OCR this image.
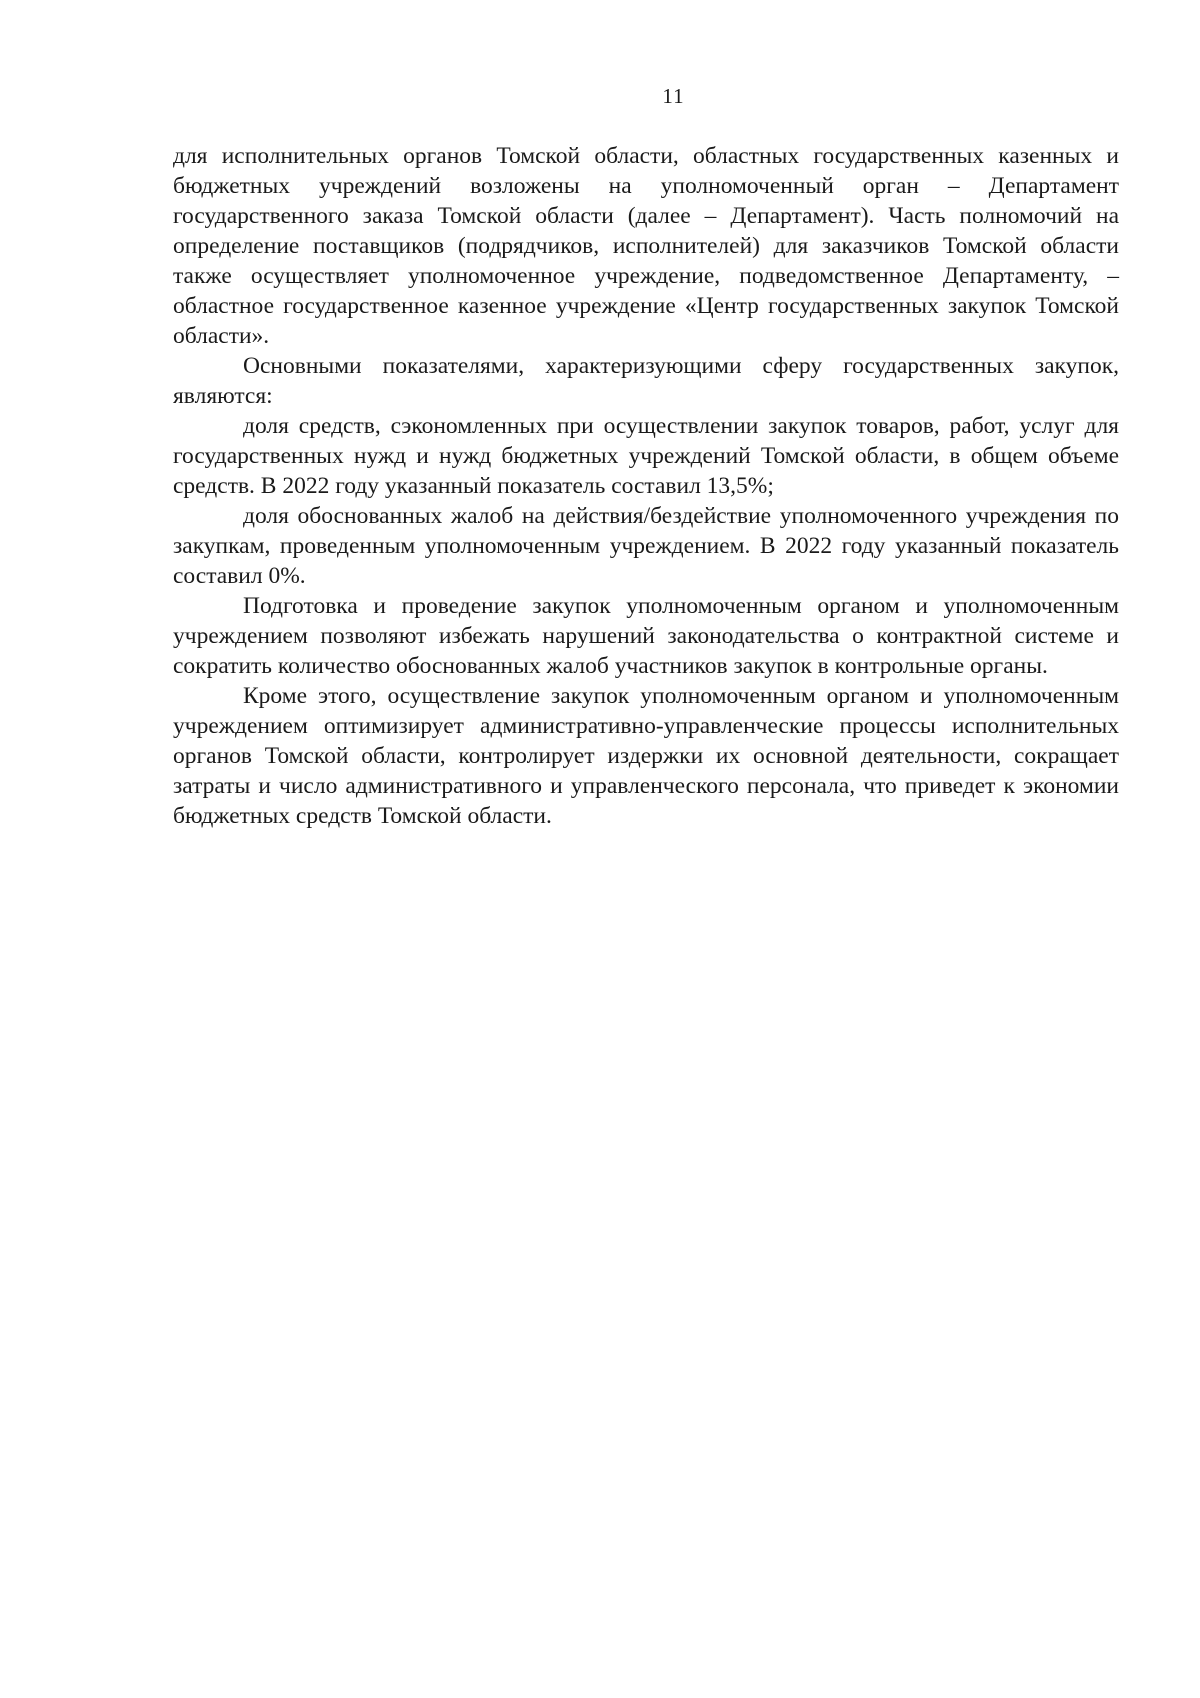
11

для исполнительных органов Томской области, областных государственных казенных и бюджетных учреждений возложены на уполномоченный орган – Департамент государственного заказа Томской области (далее – Департамент). Часть полномочий на определение поставщиков (подрядчиков, исполнителей) для заказчиков Томской области также осуществляет уполномоченное учреждение, подведомственное Департаменту, – областное государственное казенное учреждение «Центр государственных закупок Томской области».

Основными показателями, характеризующими сферу государственных закупок, являются:

доля средств, сэкономленных при осуществлении закупок товаров, работ, услуг для государственных нужд и нужд бюджетных учреждений Томской области, в общем объеме средств. В 2022 году указанный показатель составил 13,5%;

доля обоснованных жалоб на действия/бездействие уполномоченного учреждения по закупкам, проведенным уполномоченным учреждением. В 2022 году указанный показатель составил 0%.

Подготовка и проведение закупок уполномоченным органом и уполномоченным учреждением позволяют избежать нарушений законодательства о контрактной системе и сократить количество обоснованных жалоб участников закупок в контрольные органы.

Кроме этого, осуществление закупок уполномоченным органом и уполномоченным учреждением оптимизирует административно-управленческие процессы исполнительных органов Томской области, контролирует издержки их основной деятельности, сокращает затраты и число административного и управленческого персонала, что приведет к экономии бюджетных средств Томской области.
